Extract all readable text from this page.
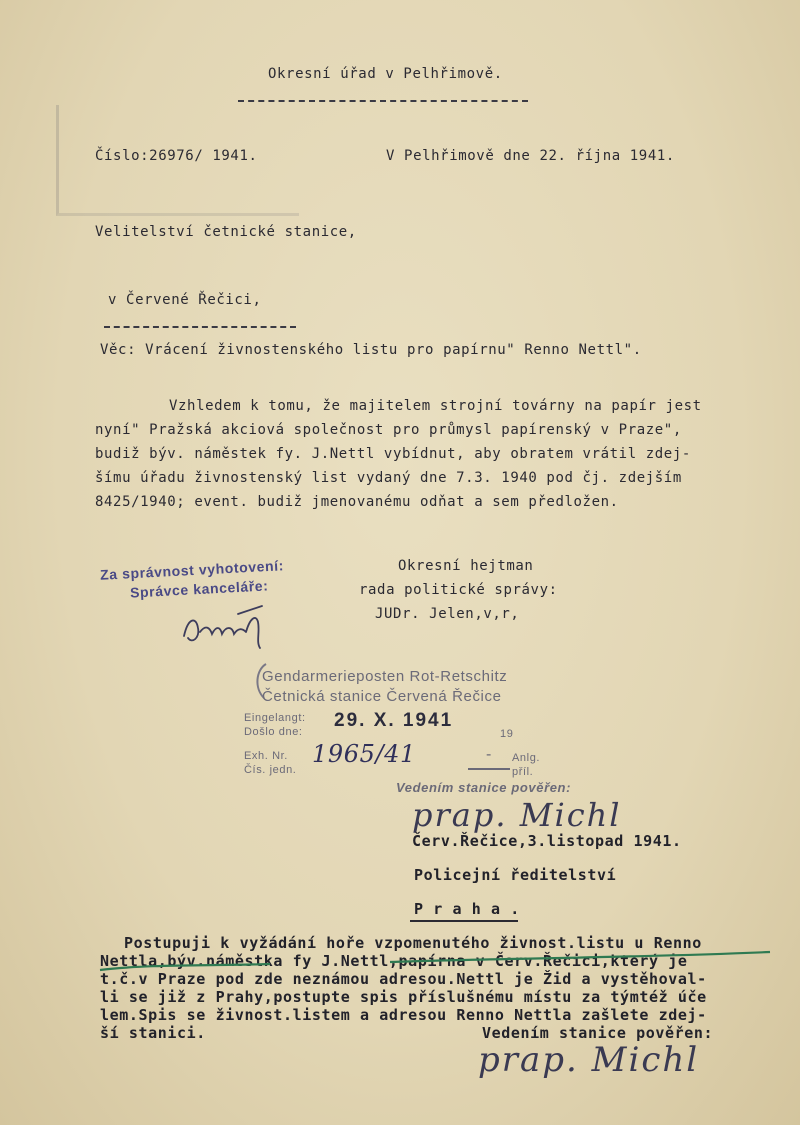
Okresní úřad v Pelhřimově.
Číslo:26976/ 1941.	V Pelhřimově dne 22. října 1941.
Velitelství četnické stanice,
v Červené Řečici,
Věc: Vrácení živnostenského listu pro papírnu" Renno Nettl".
Vzhledem k tomu, že majitelem strojní továrny na papír jest
nyní" Pražská akciová společnost pro průmysl papírenský v Praze",
budiž býv. náměstek fy. J.Nettl vybídnut, aby obratem vrátil zdej-
šímu úřadu živnostenský list vydaný dne 7.3. 1940 pod čj. zdejším
8425/1940; event. budiž jmenovanému odňat a sem předložen.
Okresní hejtman
rada politické správy:
JUDr. Jelen,v,r,
Za správnost vyhotovení:
Správce kanceláře:
Gendarmerieposten Rot-Retschitz
Četnická stanice Červená Řečice
Eingelangt:
Došlo dne:
29. X. 1941
19
Exh. Nr.
Čís. jedn.
1965/41	- Anlg.
příl.
Vedením stanice pověřen:
prap. Michl
Červ.Řečice,3.listopad 1941.
Policejní ředitelství
P r a h a .
Postupuji k vyžádání hoře vzpomenutého živnost.listu u Renno
Nettla,býv.náměstka fy J.Nettl,papírna v Červ.Řečici,který je
t.č.v Praze pod zde neznámou adresou.Nettl je Žid a vystěhoval-
li se již z Prahy,postupte spis příslušnému místu za týmtéž úče
lem.Spis se živnost.listem a adresou Renno Nettla zašlete zdej-
ší stanici.	Vedením stanice pověřen:
prap. Michl
